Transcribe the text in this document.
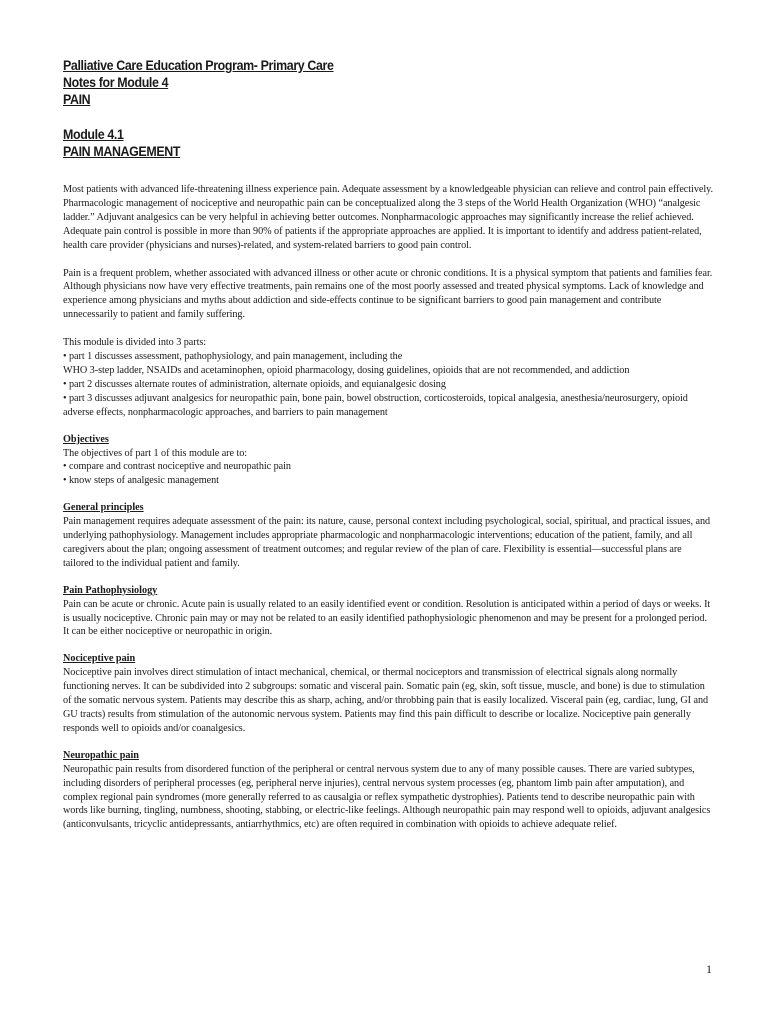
Palliative Care Education Program- Primary Care
Notes for Module 4
PAIN
Module 4.1
PAIN MANAGEMENT

Most patients with advanced life-threatening illness experience pain. Adequate assessment by a knowledgeable physician can relieve and control pain effectively. Pharmacologic management of nociceptive and neuropathic pain can be conceptualized along the 3 steps of the World Health Organization (WHO) “analgesic ladder.” Adjuvant analgesics can be very helpful in achieving better outcomes. Nonpharmacologic approaches may significantly increase the relief achieved. Adequate pain control is possible in more than 90% of patients if the appropriate approaches are applied. It is important to identify and address patient-related, health care provider (physicians and nurses)-related, and system-related barriers to good pain control.

Pain is a frequent problem, whether associated with advanced illness or other acute or chronic conditions. It is a physical symptom that patients and families fear. Although physicians now have very effective treatments, pain remains one of the most poorly assessed and treated physical symptoms. Lack of knowledge and experience among physicians and myths about addiction and side-effects continue to be significant barriers to good pain management and contribute unnecessarily to patient and family suffering.

This module is divided into 3 parts:

• part 1 discusses assessment, pathophysiology, and pain management, including the

WHO 3-step ladder, NSAIDs and acetaminophen, opioid pharmacology, dosing guidelines, opioids that are not recommended, and addiction

• part 2 discusses alternate routes of administration, alternate opioids, and equianalgesic dosing

• part 3 discusses adjuvant analgesics for neuropathic pain, bone pain, bowel obstruction, corticosteroids, topical analgesia, anesthesia/neurosurgery, opioid adverse effects, nonpharmacologic approaches, and barriers to pain management

Objectives

The objectives of part 1 of this module are to:

• compare and contrast nociceptive and neuropathic pain

• know steps of analgesic management

General principles

Pain management requires adequate assessment of the pain: its nature, cause, personal context including psychological, social, spiritual, and practical issues, and underlying pathophysiology. Management includes appropriate pharmacologic and nonpharmacologic interventions; education of the patient, family, and all caregivers about the plan; ongoing assessment of treatment outcomes; and regular review of the plan of care. Flexibility is essential—successful plans are tailored to the individual patient and family.

Pain Pathophysiology

Pain can be acute or chronic. Acute pain is usually related to an easily identified event or condition. Resolution is anticipated within a period of days or weeks. It is usually nociceptive. Chronic pain may or may not be related to an easily identified pathophysiologic phenomenon and may be present for a prolonged period. It can be either nociceptive or neuropathic in origin.

Nociceptive pain

Nociceptive pain involves direct stimulation of intact mechanical, chemical, or thermal nociceptors and transmission of electrical signals along normally functioning nerves. It can be subdivided into 2 subgroups: somatic and visceral pain. Somatic pain (eg, skin, soft tissue, muscle, and bone) is due to stimulation of the somatic nervous system. Patients may describe this as sharp, aching, and/or throbbing pain that is easily localized. Visceral pain (eg, cardiac, lung, GI and GU tracts) results from stimulation of the autonomic nervous system. Patients may find this pain difficult to describe or localize. Nociceptive pain generally responds well to opioids and/or coanalgesics.

Neuropathic pain

Neuropathic pain results from disordered function of the peripheral or central nervous system due to any of many possible causes. There are varied subtypes, including disorders of peripheral processes (eg, peripheral nerve injuries), central nervous system processes (eg, phantom limb pain after amputation), and complex regional pain syndromes (more generally referred to as causalgia or reflex sympathetic dystrophies). Patients tend to describe neuropathic pain with words like burning, tingling, numbness, shooting, stabbing, or electric-like feelings. Although neuropathic pain may respond well to opioids, adjuvant analgesics (anticonvulsants, tricyclic antidepressants, antiarrhythmics, etc) are often required in combination with opioids to achieve adequate relief.

1
